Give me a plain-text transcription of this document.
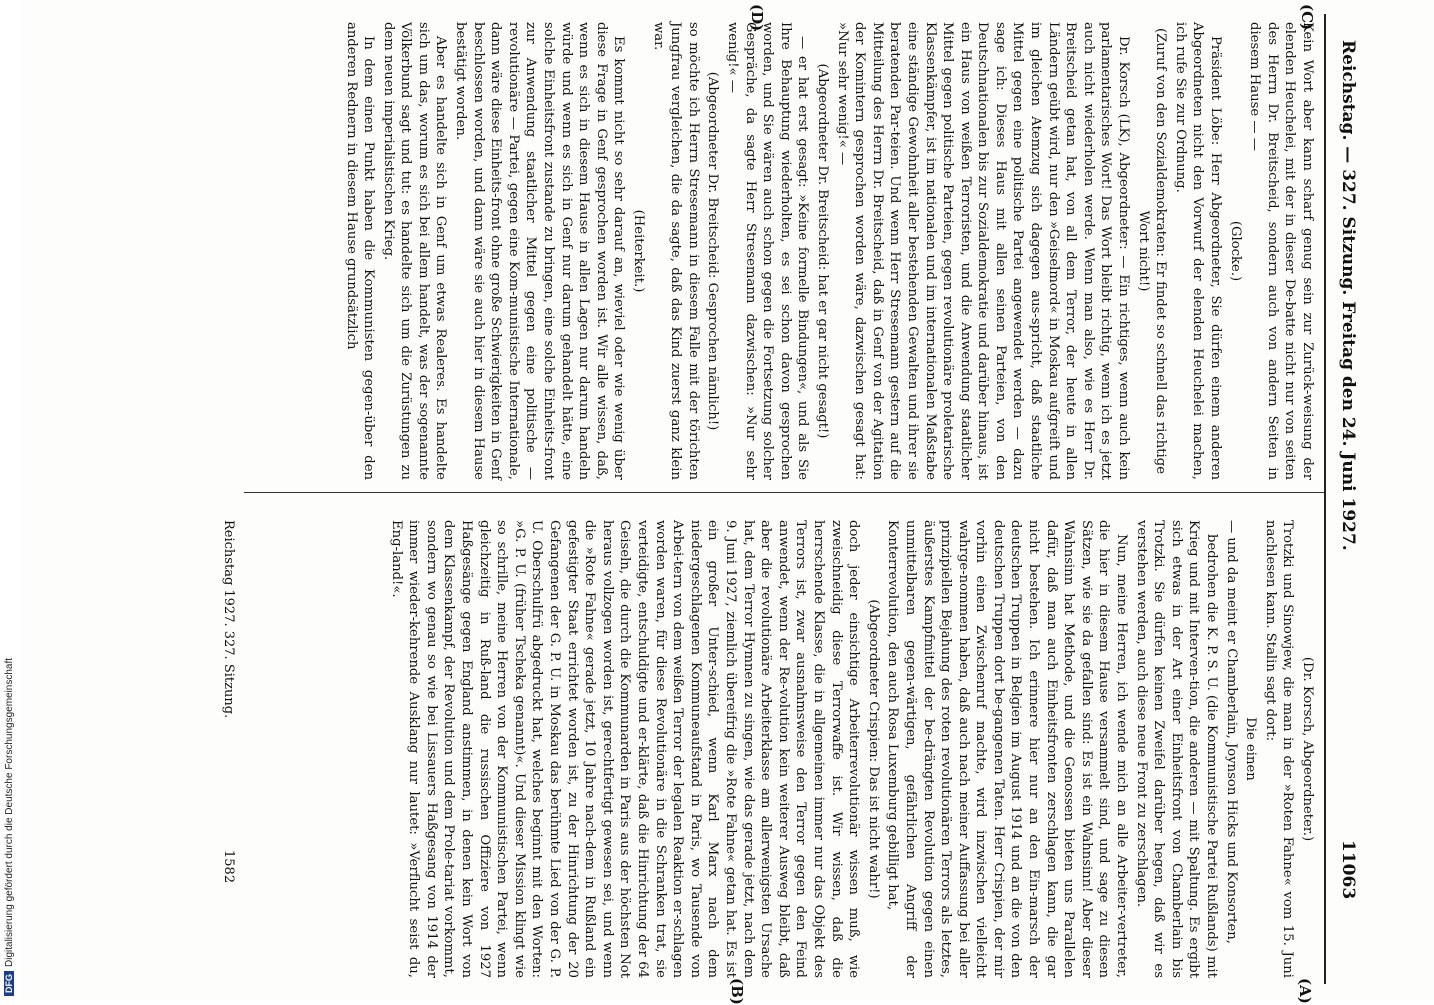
DFGDigitalisierung gefördert durch die Deutsche Forschungsgemeinschaft
Reichstag. — 327. Sitzung. Freitag den 24. Juni 1927.
11063
(C)
(D)
(A)
(B)

Kein Wort aber kann scharf genug sein zur Zurück-weisung der elenden Heuchelei, mit der in dieser De-batte nicht nur von seiten des Herrn Dr. Breitscheid, sondern auch von andern Seiten in diesem Hause — —

(Glocke.)

Präsident Löbe: Herr Abgeordneter, Sie dürfen einem anderen Abgeordneten nicht den Vorwurf der elenden Heuchelei machen, ich rufe Sie zur Ordnung.

(Zuruf von den Sozialdemokraten: Er findet so schnell das richtige Wort nicht!)

Dr. Korsch (LK), Abgeordneter: — Ein richtiges, wenn auch kein parlamentarisches Wort! Das Wort bleibt richtig, wenn ich es jetzt auch nicht wiederholen werde. Wenn man also, wie es Herr Dr. Breitscheid getan hat, von all dem Terror, der heute in allen Ländern geübt wird, nur den »Geiselmord« in Moskau aufgreift und im gleichen Atemzug sich dagegen aus-spricht, daß staatliche Mittel gegen eine politische Partei angewendet werden — dazu sage ich: Dieses Haus mit allen seinen Parteien, von den Deutschnationalen bis zur Sozialdemokratie und darüber hinaus, ist ein Haus von weißen Terroristen, und die Anwendung staatlicher Mittel gegen politische Parteien, gegen revolutionäre proletarische Klassenkämpfer, ist im nationalen und im internationalen Maßstabe eine ständige Gewohnheit aller bestehenden Gewalten und ihrer sie beratenden Par-teien. Und wenn Herr Stresemann gestern auf die Mitteilung des Herrn Dr. Breitscheid, daß in Genf von der Agitation der Komintern gesprochen worden wäre, dazwischen gesagt hat: »Nur sehr wenig!« —

(Abgeordneter Dr. Breitscheid: hat er gar nicht gesagt!)

— er hat erst gesagt: »Keine formelle Bindungen«, und als Sie Ihre Behauptung wiederholten, es sei schon davon gesprochen worden, und Sie wären auch schon gegen die Fortsetzung solcher Gespräche, da sagte Herr Stresemann dazwischen: »Nur sehr wenig!« —

(Abgeordneter Dr. Breitscheid: Gesprochen nämlich!)

so möchte ich Herrn Stresemann in diesem Falle mit der törichten Jungfrau vergleichen, die da sagte, daß das Kind zuerst ganz klein war.

(Heiterkeit.)

Es kommt nicht so sehr darauf an, wieviel oder wie wenig über diese Frage in Genf gesprochen worden ist. Wir alle wissen, daß, wenn es sich in diesem Hause in allen Lagen nur darum handeln würde und wenn es sich in Genf nur darum gehandelt hätte, eine solche Einheitsfront zustande zu bringen, eine solche Einheits-front zur Anwendung staatlicher Mittel gegen eine politische — revolutionäre — Partei, gegen eine Kom-munistische Internationale, dann wäre diese Einheits-front ohne große Schwierigkeiten in Genf beschlossen worden, und dann wäre sie auch hier in diesem Hause bestätigt worden.

Aber es handelte sich in Genf um etwas Realeres. Es handelte sich um das, worum es sich bei allem handelt, was der sogenannte Völkerbund sagt und tut: es handelte sich um die Zurüstungen zu dem neuen imperialistischen Krieg.

In dem einen Punkt haben die Kommunisten gegen-über den anderen Rednern in diesem Hause grundsätzlich

(Dr. Korsch, Abgeordneter.)

Trotzki und Sinowjew, die man in der »Roten Fahne« vom 15. Juni nachlesen kann. Stalin sagt dort:

Die einen

— und da meint er Chamberlain, Joynson Hicks und Konsorten,

bedrohen die K. P. S. U. (die Kommunistische Partei Rußlands) mit Krieg und mit Interven-tion, die anderen — mit Spaltung. Es ergibt sich etwas in der Art einer Einheitsfront von Chamberlain bis Trotzki. Sie dürfen keinen Zweifel darüber hegen, daß wir es verstehen werden, auch diese neue Front zu zerschlagen.

Nun, meine Herren, ich wende mich an alle Arbeiter-vertreter, die hier in diesem Hause versammelt sind, und sage zu diesen Sätzen, wie sie da gefallen sind: Es ist ein Wahnsinn! Aber dieser Wahnsinn hat Methode, und die Genossen bieten uns Parallelen dafür, daß man auch Einheitsfronten zerschlagen kann, die gar nicht bestehen. Ich erinnere hier nur an den Ein-marsch der deutschen Truppen in Belgien im August 1914 und an die von den deutschen Truppen dort be-gangenen Taten. Herr Crispien, der mir vorhin einen Zwischenruf machte, wird inzwischen vielleicht wahrge-nommen haben, daß auch nach meiner Auffassung bei aller prinzipiellen Bejahung des roten revolutionären Terrors als letztes, äußerstes Kampfmittel der be-drängten Revolution gegen einen unmittelbaren gegen-wärtigen, gefährlichen Angriff der Konterrevolution, den auch Rosa Luxemburg gebilligt hat,

(Abgeordneter Crispien: Das ist nicht wahr!)

doch jeder einsichtige Arbeiterrevolutionär wissen muß, wie zweischneidig diese Terrorwaffe ist. Wir wissen, daß die herrschende Klasse, die in allgemeinen immer nur das Objekt des Terrors ist, zwar ausnahmsweise den Terror gegen den Feind anwendet, wenn der Re-volution kein weiterer Ausweg bleibt, daß aber die revolutionäre Arbeiterklasse am allerwenigsten Ursache hat, dem Terror Hymnen zu singen, wie das gerade jetzt, nach dem 9. Juni 1927, ziemlich übereifrig die »Rote Fahne« getan hat. Es ist ein großer Unter-schied, wenn Karl Marx nach dem niedergeschlagenen Kommuneaufstand in Paris, wo Tausende von Arbei-tern von dem weißen Terror der legalen Reaktion er-schlagen worden waren, für diese Revolutionäre in die Schranken trat, sie verteidigte, entschuldigte und er-klärte, daß die Hinrichtung der 64 Geiseln, die durch die Kommunarden in Paris aus der höchsten Not heraus vollzogen worden ist, gerechtfertigt gewesen sei, und wenn die »Rote Fahne« gerade jetzt, 10 Jahre nach-dem in Rußland ein gefestigter Staat errichtet worden ist, zu der Hinrichtung der 20 Gefangenen der G. P. U. in Moskau das berühmte Lied von der G. P. U. Oberschulfrü abgedruckt hat, welches beginnt mit den Worten: »G. P. U. (früher Tscheka genannt)«. Und dieser Mission klingt wie so schrille, meine Herren von der Kommunistischen Partei, wenn gleichzeitig in Ruß-land die russischen Offiziere von 1927 Haßgesänge gegen England anstimmen, in denen kein Wort von dem Klassenkampf, der Revolution und dem Prole-tariat vorkommt, sondern wo genau so wie bei Lissauers Haßgesang von 1914 der immer wieder-kehrende Ausklang nur lautet: »Verflucht seist du, Eng-land!«.

Reichstag 1927. 327. Sitzung.
1582
